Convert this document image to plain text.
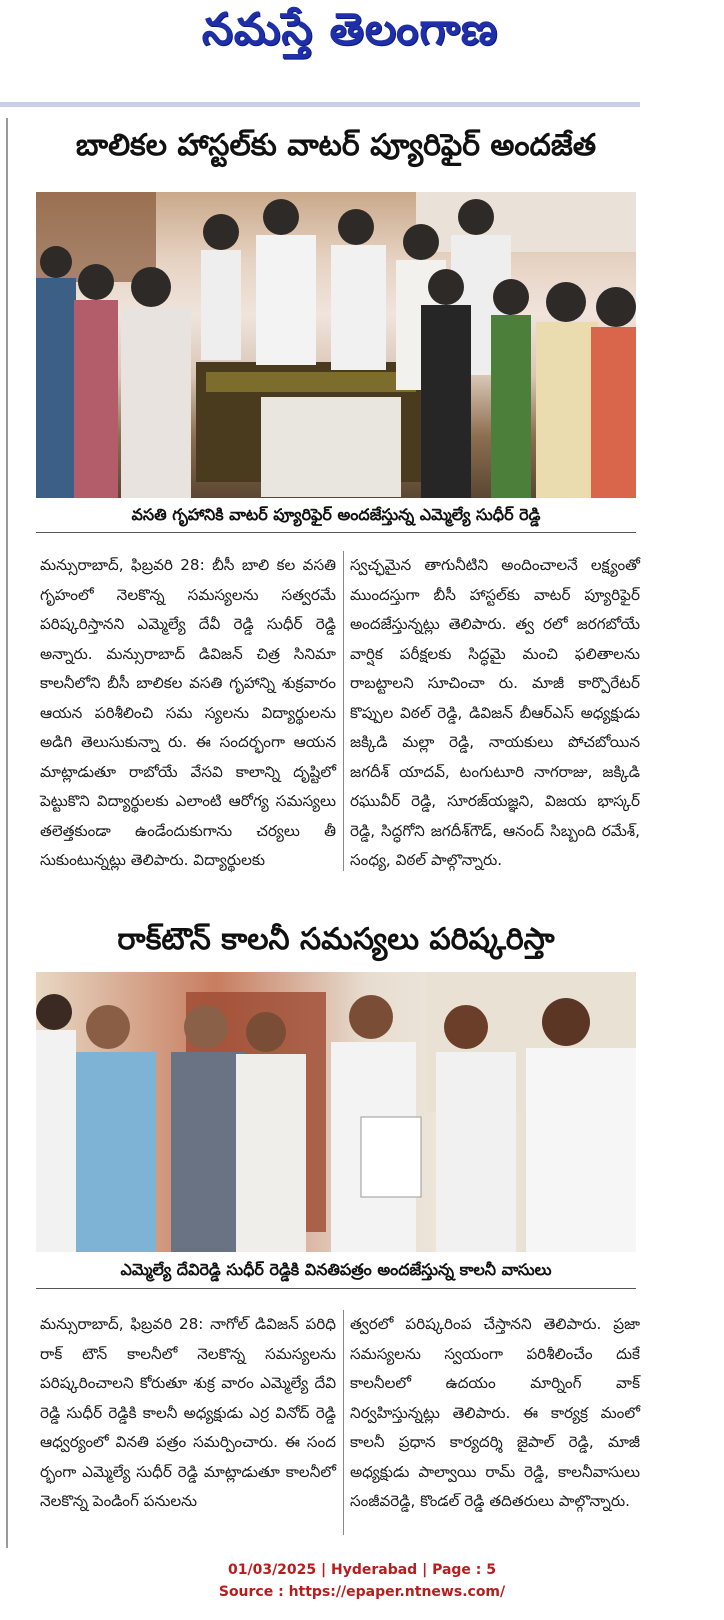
నమస్తే తెలంగాణ
బాలికల హాస్టల్‌కు వాటర్ ప్యూరిఫైర్ అందజేత
వసతి గృహానికి వాటర్ ప్యూరిఫైర్ అందజేస్తున్న ఎమ్మెల్యే సుధీర్ రెడ్డి
మన్సురాబాద్, ఫిబ్రవరి 28: బీసీ బాలి కల వసతి గృహంలో నెలకొన్న సమస్యలను సత్వరమే పరిష్కరిస్తానని ఎమ్మెల్యే దేవీ రెడ్డి సుధీర్ రెడ్డి అన్నారు. మన్సురాబాద్ డివిజన్ చిత్ర సినిమా కాలనీలోని బీసీ బాలికల వసతి గృహాన్ని శుక్రవారం ఆయన పరిశీలించి సమ స్యలను విద్యార్థులను అడిగి తెలుసుకున్నా రు. ఈ సందర్భంగా ఆయన మాట్లాడుతూ రాబోయే వేసవి కాలాన్ని దృష్టిలో పెట్టుకొని విద్యార్థులకు ఎలాంటి ఆరోగ్య సమస్యలు తలెత్తకుండా ఉండేందుకుగాను చర్యలు తీ సుకుంటున్నట్లు తెలిపారు. విద్యార్థులకు
స్వచ్ఛమైన తాగునీటిని అందించాలనే లక్ష్యంతో ముందస్తుగా బీసీ హాస్టల్‌కు వాటర్ ప్యూరిఫైర్ అందజేస్తున్నట్లు తెలిపారు. త్వ రలో జరగబోయే వార్షిక పరీక్షలకు సిద్ధమై మంచి ఫలితాలను రాబట్టాలని సూచించా రు. మాజీ కార్పొరేటర్ కొప్పుల విఠల్ రెడ్డి, డివిజన్ బీఆర్ఎస్ అధ్యక్షుడు జక్కిడి మల్లా రెడ్డి, నాయకులు పోచబోయిన జగదీశ్ యాదవ్, టంగుటూరి నాగరాజు, జక్కిడి రఘువీర్ రెడ్డి, సూరజ్‌యజ్ఞని, విజయ భాస్కర్ రెడ్డి, సిద్ధగోని జగదీశ్‌గౌడ్, ఆనంద్ సిబ్బంది రమేశ్, సంధ్య, విఠల్ పాల్గొన్నారు.
రాక్‌టౌన్ కాలనీ సమస్యలు పరిష్కరిస్తా
ఎమ్మెల్యే దేవిరెడ్డి సుధీర్ రెడ్డికి వినతిపత్రం అందజేస్తున్న కాలనీ వాసులు
మన్సురాబాద్, ఫిబ్రవరి 28: నాగోల్ డివిజన్ పరిధి రాక్ టౌన్ కాలనీలో నెలకొన్న సమస్యలను పరిష్కరించాలని కోరుతూ శుక్ర వారం ఎమ్మెల్యే దేవి రెడ్డి సుధీర్ రెడ్డికి కాలనీ అధ్యక్షుడు ఎర్ర వినోద్ రెడ్డి ఆధ్వర్యంలో వినతి పత్రం సమర్పించారు. ఈ సంద ర్భంగా ఎమ్మెల్యే సుధీర్ రెడ్డి మాట్లాడుతూ కాలనీలో నెలకొన్న పెండింగ్ పనులను
త్వరలో పరిష్కరింప చేస్తానని తెలిపారు. ప్రజా సమస్యలను స్వయంగా పరిశీలించేం దుకే కాలనీలలో ఉదయం మార్నింగ్ వాక్ నిర్వహిస్తున్నట్లు తెలిపారు. ఈ కార్యక్ర మంలో కాలనీ ప్రధాన కార్యదర్శి జైపాల్ రెడ్డి, మాజీ అధ్యక్షుడు పాల్వాయి రామ్ రెడ్డి, కాలనీవాసులు సంజీవరెడ్డి, కొండల్ రెడ్డి తదితరులు పాల్గొన్నారు.
01/03/2025 | Hyderabad | Page : 5
Source : https://epaper.ntnews.com/
